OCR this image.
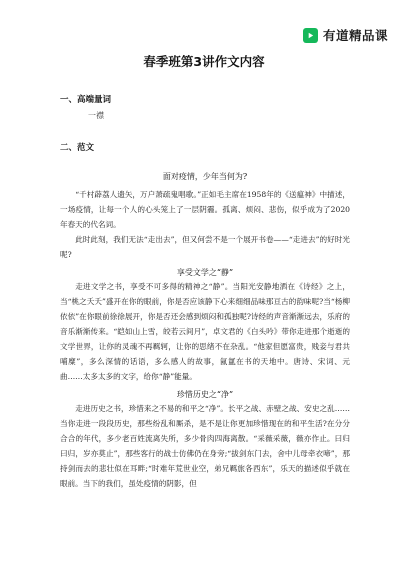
有道精品课
春季班第3讲作文内容
一、高端量词
一襟
二、范文

面对疫情，少年当何为?

“千村薜荔人遗矢，万户萧疏鬼唱歌。”正如毛主席在1958年的《送瘟神》中描述，一场疫情，让每一个人的心头笼上了一层阴霾。孤离、烦闷、悲伤，似乎成为了2020年春天的代名词。

此时此刻，我们无法“走出去”，但又何尝不是一个展开书卷——“走进去”的好时光呢?

享受文学之“静”

走进文学之书，享受不可多得的精神之“静”。当阳光安静地洒在《诗经》之上，当“桃之夭夭”盛开在你的眼前，你是否应该静下心来细细品味那亘古的韵味呢?当“杨柳依依”在你眼前徐徐展开，你是否还会感到烦闷和孤独呢?诗经的声音渐渐远去，乐府的音乐渐渐传来。“皑如山上雪，皎若云间月”，卓文君的《白头吟》带你走进那个逝逝的文学世界，让你的灵魂不再羁轲，让你的思绪不在杂乱。“他家但愿富贵，贱妾与君共哺糜”，多么深情的话语，多么感人的故事，氤氲在书的天地中。唐诗、宋词、元曲……太多太多的文字，给你“静”能量。

珍惜历史之“净”

走进历史之书，珍惜来之不易的和平之“净”。长平之战、赤壁之战、安史之乱……当你走进一段段历史，那些纷乱和厮杀，是不是让你更加珍惜现在的和平生活?在分分合合的年代，多少老百姓流离失所，多少骨肉四海离散。“采薇采薇，薇亦作止。曰归曰归，岁亦莫止”，那些客行的战士仿佛仍在身旁;“拔剑东门去，舍中儿母牵衣啼”，那持剑而去的悲壮似在耳畔;“时难年荒世业空，弟兄羁旅各西东”，乐天的描述似乎就在眼前。当下的我们，虽处疫情的阴影，但
